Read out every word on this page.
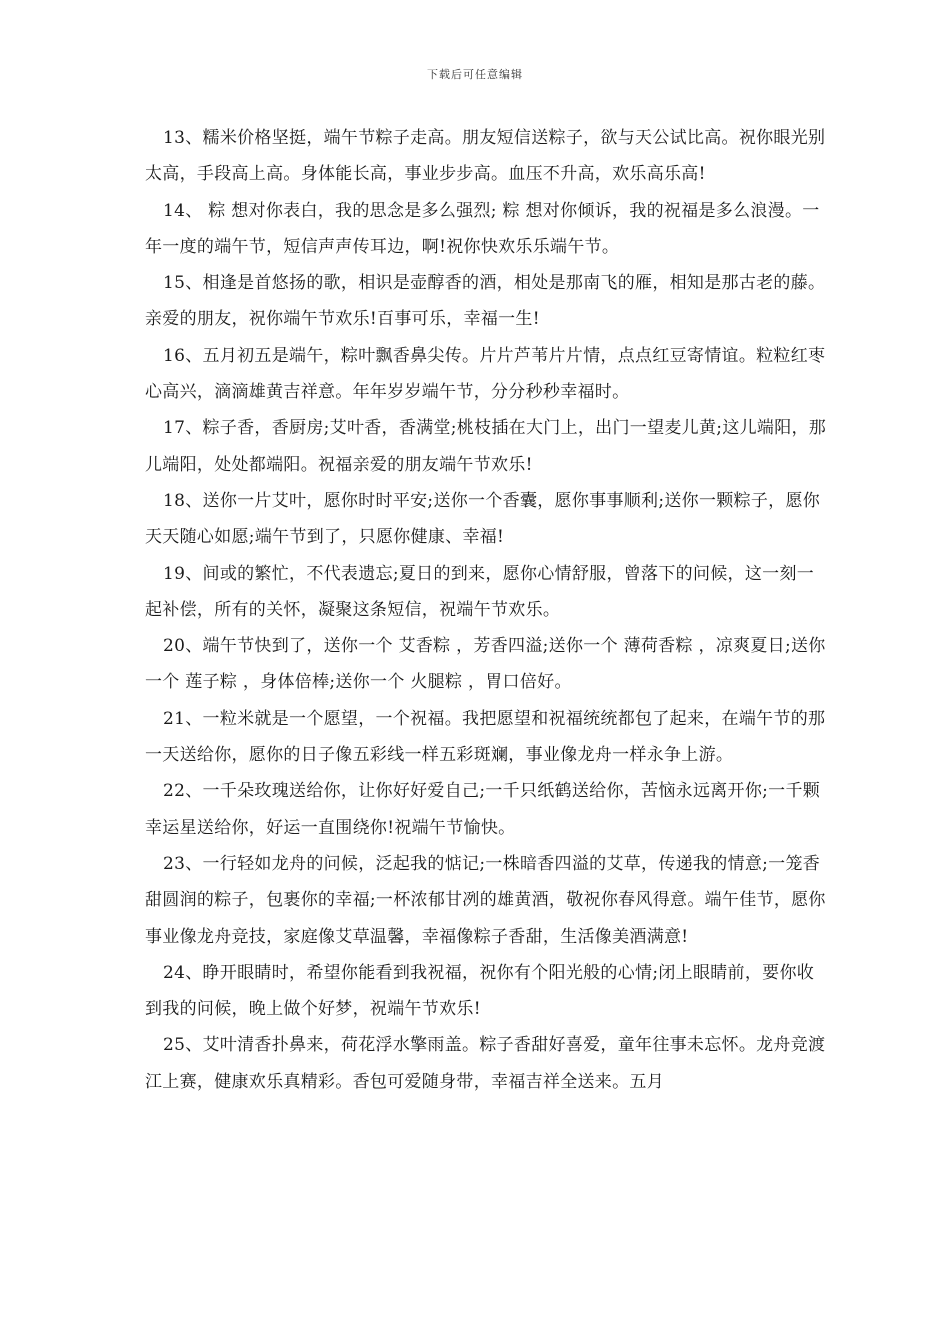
下载后可任意编辑

13、糯米价格坚挺，端午节粽子走高。朋友短信送粽子，欲与天公试比高。祝你眼光别太高，手段高上高。身体能长高，事业步步高。血压不升高，欢乐高乐高!

14、 粽 想对你表白，我的思念是多么强烈; 粽 想对你倾诉，我的祝福是多么浪漫。一年一度的端午节，短信声声传耳边，啊!祝你快欢乐乐端午节。

15、相逢是首悠扬的歌，相识是壶醇香的酒，相处是那南飞的雁，相知是那古老的藤。亲爱的朋友，祝你端午节欢乐!百事可乐，幸福一生!

16、五月初五是端午，粽叶飘香鼻尖传。片片芦苇片片情，点点红豆寄情谊。粒粒红枣心高兴，滴滴雄黄吉祥意。年年岁岁端午节，分分秒秒幸福时。

17、粽子香，香厨房;艾叶香，香满堂;桃枝插在大门上，出门一望麦儿黄;这儿端阳，那儿端阳，处处都端阳。祝福亲爱的朋友端午节欢乐!

18、送你一片艾叶，愿你时时平安;送你一个香囊，愿你事事顺利;送你一颗粽子，愿你天天随心如愿;端午节到了，只愿你健康、幸福!

19、间或的繁忙，不代表遗忘;夏日的到来，愿你心情舒服，曾落下的问候，这一刻一起补偿，所有的关怀，凝聚这条短信，祝端午节欢乐。

20、端午节快到了，送你一个 艾香粽 ，芳香四溢;送你一个 薄荷香粽 ，凉爽夏日;送你一个 莲子粽 ，身体倍棒;送你一个 火腿粽 ，胃口倍好。

21、一粒米就是一个愿望，一个祝福。我把愿望和祝福统统都包了起来，在端午节的那一天送给你，愿你的日子像五彩线一样五彩斑斓，事业像龙舟一样永争上游。

22、一千朵玫瑰送给你，让你好好爱自己;一千只纸鹤送给你，苦恼永远离开你;一千颗幸运星送给你，好运一直围绕你!祝端午节愉快。

23、一行轻如龙舟的问候，泛起我的惦记;一株暗香四溢的艾草，传递我的情意;一笼香甜圆润的粽子，包裹你的幸福;一杯浓郁甘冽的雄黄酒，敬祝你春风得意。端午佳节，愿你事业像龙舟竞技，家庭像艾草温馨，幸福像粽子香甜，生活像美酒满意!

24、睁开眼睛时，希望你能看到我祝福，祝你有个阳光般的心情;闭上眼睛前，要你收到我的问候，晚上做个好梦，祝端午节欢乐!

25、艾叶清香扑鼻来，荷花浮水擎雨盖。粽子香甜好喜爱，童年往事未忘怀。龙舟竞渡江上赛，健康欢乐真精彩。香包可爱随身带，幸福吉祥全送来。五月
